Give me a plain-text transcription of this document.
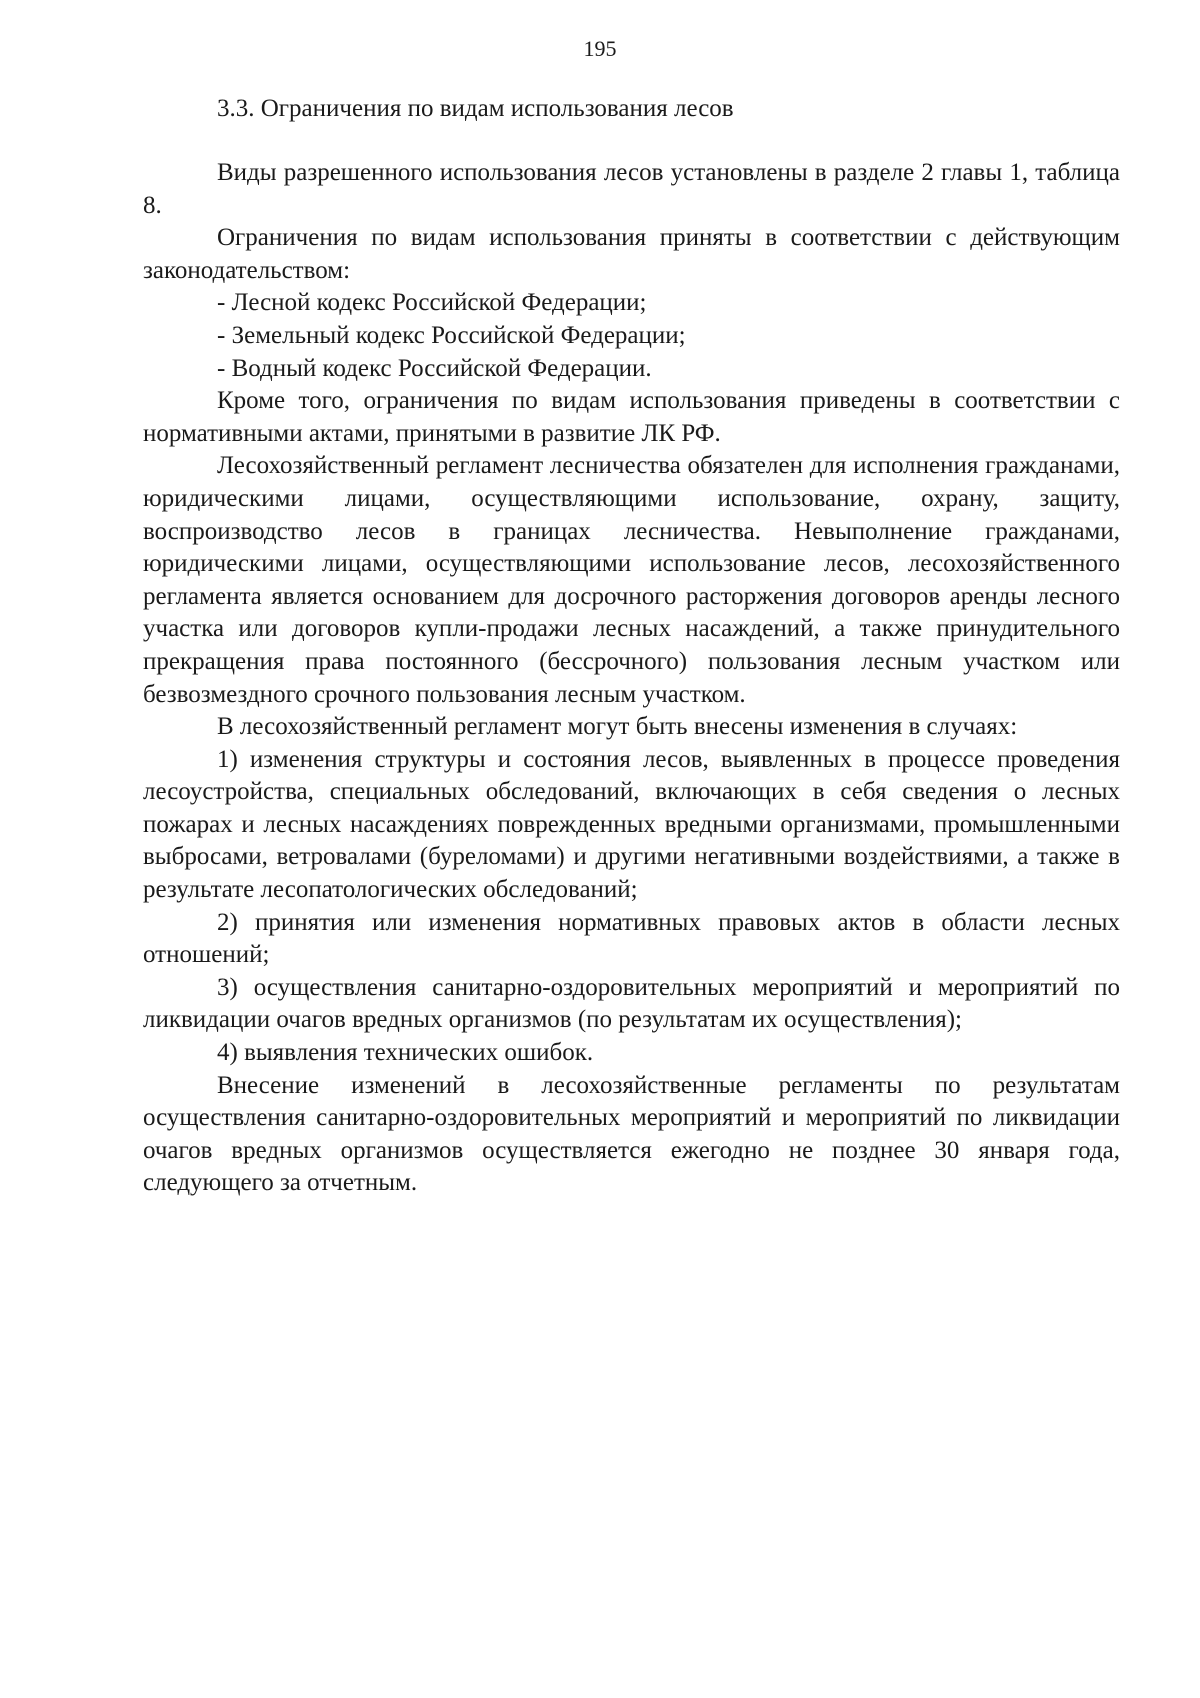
195
3.3. Ограничения по видам использования лесов

Виды разрешенного использования лесов установлены в разделе 2 главы 1, таблица 8.

Ограничения по видам использования приняты в соответствии с действующим законодательством:

- Лесной кодекс Российской Федерации;

- Земельный кодекс Российской Федерации;

- Водный кодекс Российской Федерации.

Кроме того, ограничения по видам использования приведены в соответствии с нормативными актами, принятыми в развитие ЛК РФ.

Лесохозяйственный регламент лесничества обязателен для исполнения гражданами, юридическими лицами, осуществляющими использование, охрану, защиту, воспроизводство лесов в границах лесничества. Невыполнение гражданами, юридическими лицами, осуществляющими использование лесов, лесохозяйственного регламента является основанием для досрочного расторжения договоров аренды лесного участка или договоров купли-продажи лесных насаждений, а также принудительного прекращения права постоянного (бессрочного) пользования лесным участком или безвозмездного срочного пользования лесным участком.

В лесохозяйственный регламент могут быть внесены изменения в случаях:

1) изменения структуры и состояния лесов, выявленных в процессе проведения лесоустройства, специальных обследований, включающих в себя сведения о лесных пожарах и лесных насаждениях поврежденных вредными организмами, промышленными выбросами, ветровалами (буреломами) и другими негативными воздействиями, а также в результате лесопатологических обследований;

2) принятия или изменения нормативных правовых актов в области лесных отношений;

3) осуществления санитарно-оздоровительных мероприятий и мероприятий по ликвидации очагов вредных организмов (по результатам их осуществления);

4) выявления технических ошибок.

Внесение изменений в лесохозяйственные регламенты по результатам осуществления санитарно-оздоровительных мероприятий и мероприятий по ликвидации очагов вредных организмов осуществляется ежегодно не позднее 30 января года, следующего за отчетным.
